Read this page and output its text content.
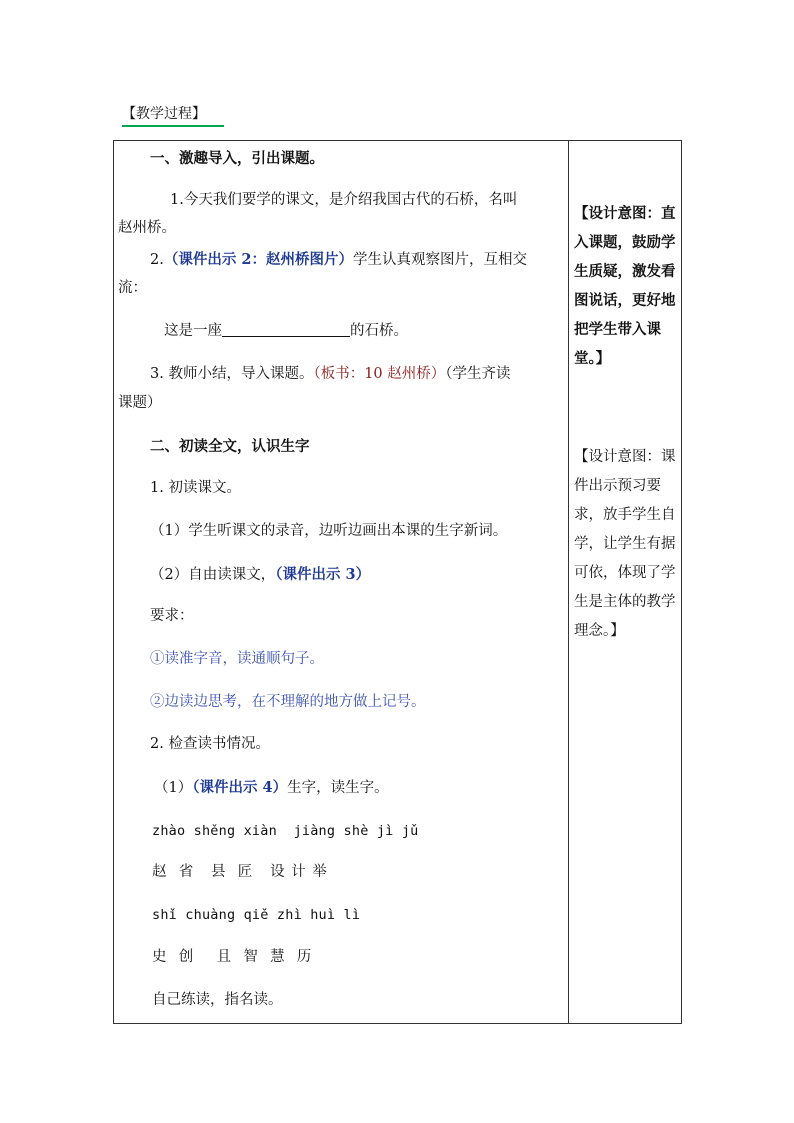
【教学过程】
一、激趣导入，引出课题。
1.今天我们要学的课文，是介绍我国古代的石桥，名叫
赵州桥。
2.（课件出示 2：赵州桥图片）学生认真观察图片，互相交
流：
这是一座	的石桥。
3. 教师小结，导入课题。（板书：10 赵州桥）（学生齐读
课题）
二、初读全文，认识生字
1. 初读课文。
（1）学生听课文的录音，边听边画出本课的生字新词。
（2）自由读课文，（课件出示 3）
要求：
①读准字音，读通顺句子。
②边读边思考，在不理解的地方做上记号。
2. 检查读书情况。
（1）（课件出示 4）生字，读生字。
zhào shěng xiàn  jiàng shè jì jǔ
赵  省   县  匠   设 计 举
shǐ chuàng qiě zhì huì lì
史  创    且  智  慧  历
自己练读，指名读。
【设计意图：直入课题，鼓励学生质疑，激发看图说话，更好地把学生带入课堂。】
【设计意图：课件出示预习要求，放手学生自学，让学生有据可依，体现了学生是主体的教学理念。】
